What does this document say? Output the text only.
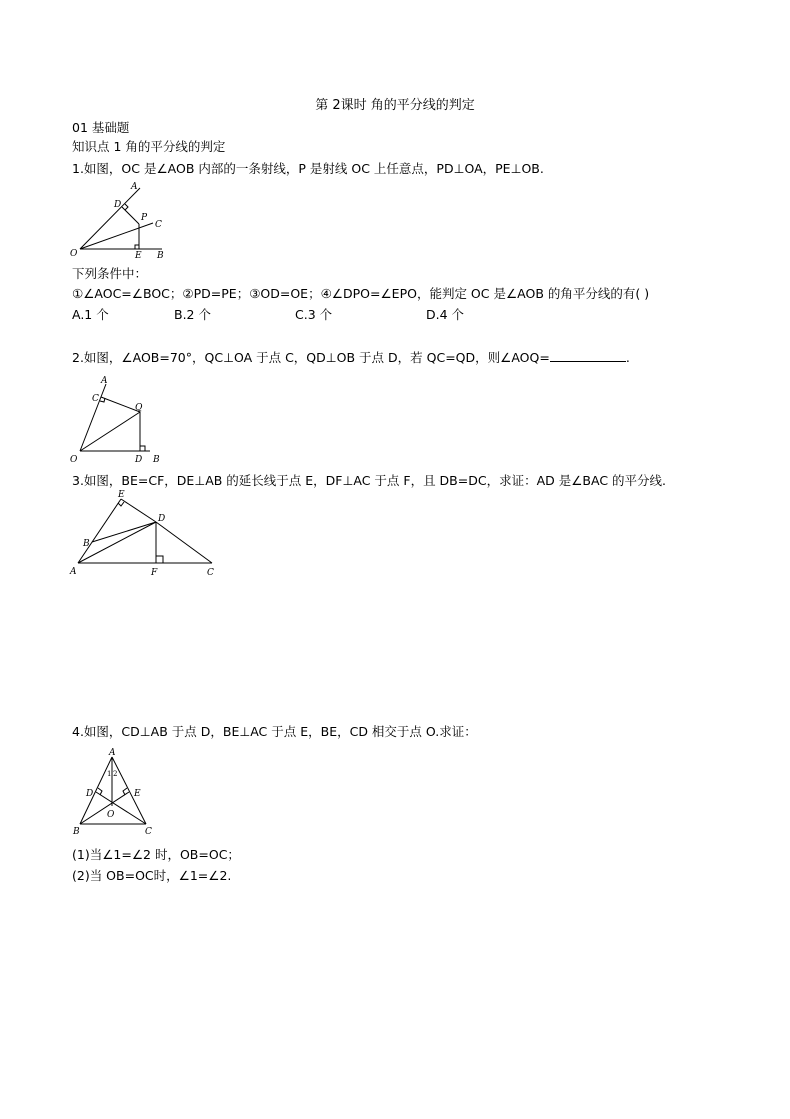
第 2课时 角的平分线的判定
01 基础题
知识点 1 角的平分线的判定
1.如图，OC 是∠AOB 内部的一条射线，P 是射线 OC 上任意点，PD⊥OA，PE⊥OB.
A
D
P
C
O	E B
下列条件中：
①∠AOC=∠BOC；②PD=PE；③OD=OE；④∠DPO=∠EPO，能判定 OC 是∠AOB 的角平分线的有( )
A.1 个	B.2 个	C.3 个	D.4 个
2.如图，∠AOB=70°，QC⊥OA 于点 C，QD⊥OB 于点 D，若 QC=QD，则∠AOQ=	.
A
C
Q
O	D B
3.如图，BE=CF，DE⊥AB 的延长线于点 E，DF⊥AC 于点 F，且 DB=DC，求证：AD 是∠BAC 的平分线.
E
D
B
A	F	C
4.如图，CD⊥AB 于点 D，BE⊥AC 于点 E，BE，CD 相交于点 O.求证：
A
1 2
D	E
O
B	C
(1)当∠1=∠2 时，OB=OC；
(2)当 OB=OC时，∠1=∠2.
